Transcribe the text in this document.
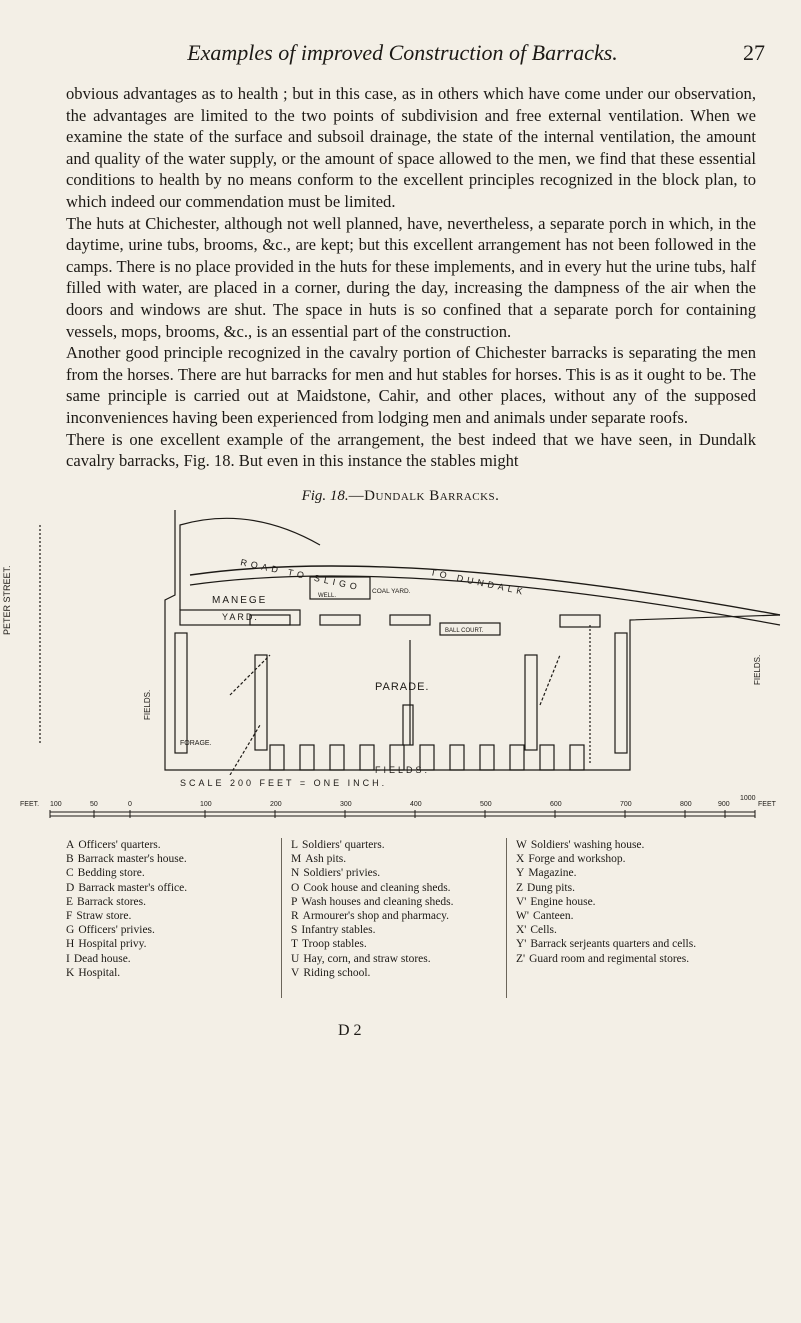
Examples of improved Construction of Barracks.	27

obvious advantages as to health ; but in this case, as in others which have come under our observation, the advantages are limited to the two points of subdivision and free external ventilation. When we examine the state of the surface and subsoil drainage, the state of the internal ventilation, the amount and quality of the water supply, or the amount of space allowed to the men, we find that these essential conditions to health by no means conform to the excellent principles recognized in the block plan, to which indeed our commendation must be limited.

The huts at Chichester, although not well planned, have, nevertheless, a separate porch in which, in the daytime, urine tubs, brooms, &c., are kept; but this excellent arrangement has not been followed in the camps. There is no place provided in the huts for these implements, and in every hut the urine tubs, half filled with water, are placed in a corner, during the day, increasing the dampness of the air when the doors and windows are shut. The space in huts is so confined that a separate porch for containing vessels, mops, brooms, &c., is an essential part of the construction.

Another good principle recognized in the cavalry portion of Chichester barracks is separating the men from the horses. There are hut barracks for men and hut stables for horses. This is as it ought to be. The same principle is carried out at Maidstone, Cahir, and other places, without any of the supposed inconveniences having been experienced from lodging men and animals under separate roofs.

There is one excellent example of the arrangement, the best indeed that we have seen, in Dundalk cavalry barracks, Fig. 18. But even in this instance the stables might

Fig. 18.—Dundalk Barracks.
PETER STREET.	MANEGE
YARD.
ROAD TO SLIGO	TO DUNDALK
COAL YARD.
WELL.
BALL COURT.
PARADE.
FORAGE.
FIELDS.
FIELDS.
FIELDS.
SCALE 200 FEET = ONE INCH.
FEET.	FEET
100	50	0	100	200	300	400	500	600	700	800	900
1000
A Officers' quarters.
B Barrack master's house.
C Bedding store.
D Barrack master's office.
E Barrack stores.
F Straw store.
G Officers' privies.
H Hospital privy.
I Dead house.
K Hospital.
L Soldiers' quarters.
M Ash pits.
N Soldiers' privies.
O Cook house and cleaning sheds.
P Wash houses and cleaning sheds.
R Armourer's shop and pharmacy.
S Infantry stables.
T Troop stables.
U Hay, corn, and straw stores.
V Riding school.
W Soldiers' washing house.
X Forge and workshop.
Y Magazine.
Z Dung pits.
V' Engine house.
W' Canteen.
X' Cells.
Y' Barrack serjeants quarters and cells.
Z' Guard room and regimental stores.
D 2
